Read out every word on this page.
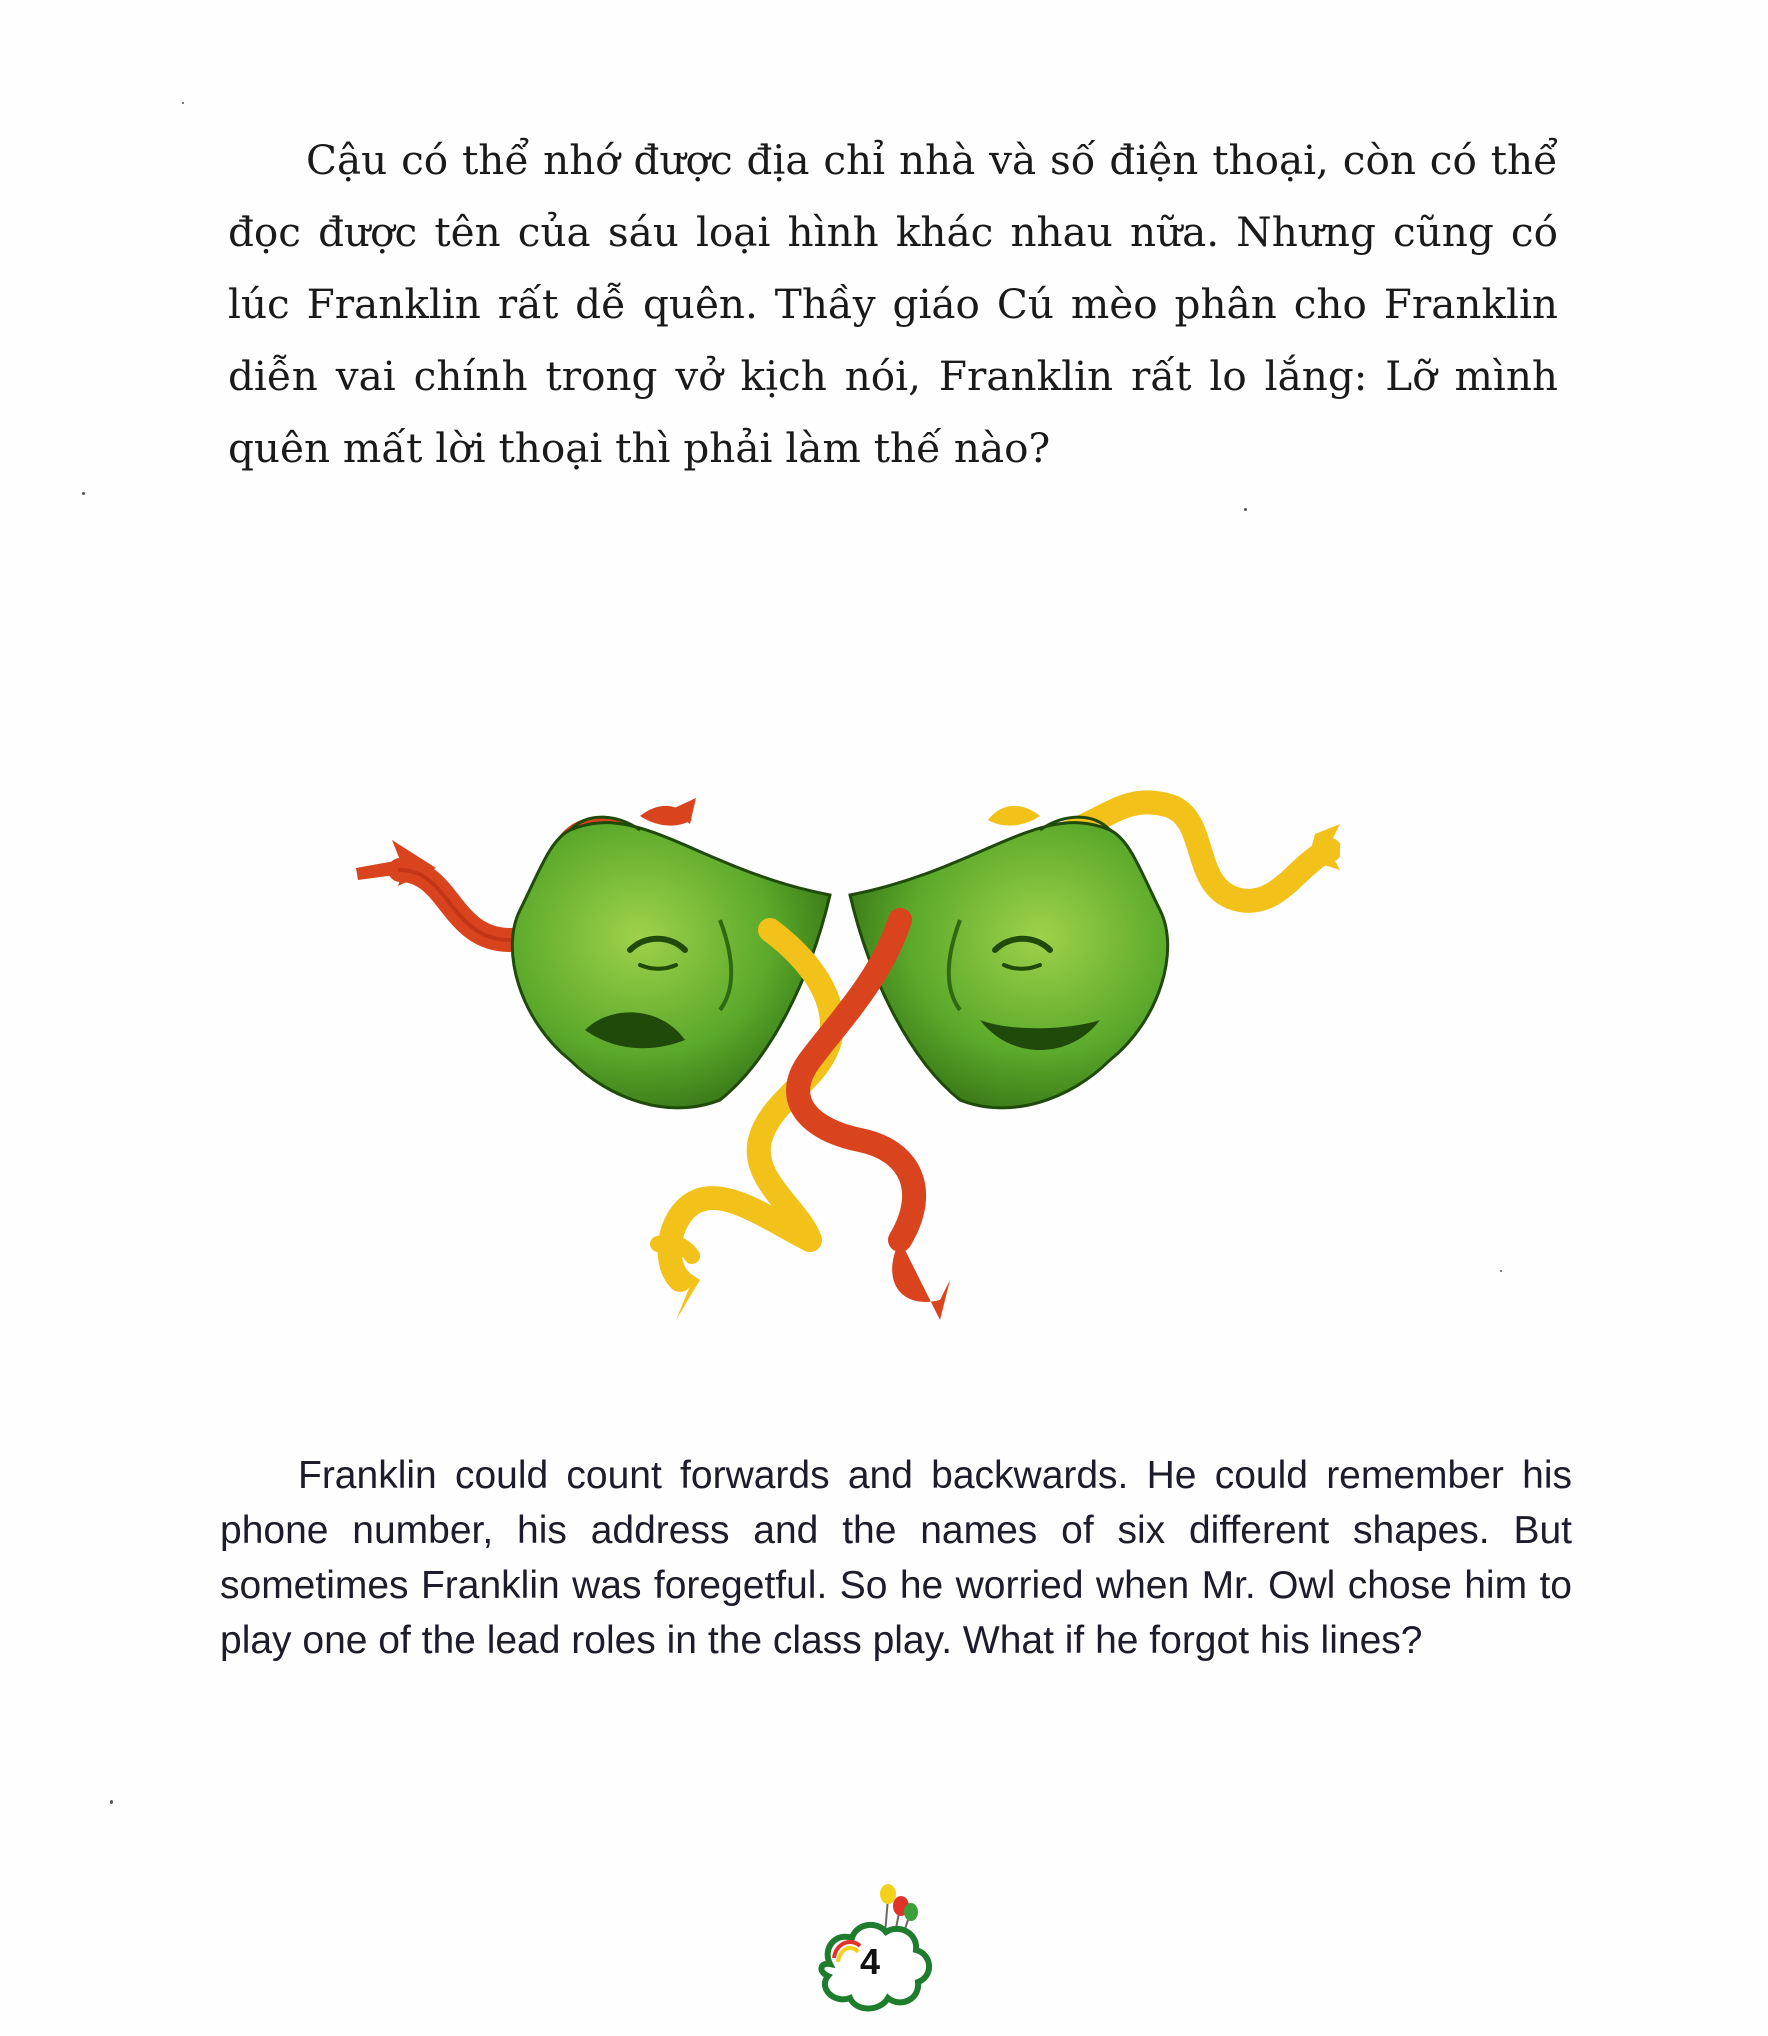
Cậu có thể nhớ được địa chỉ nhà và số điện thoại, còn có thể đọc được tên của sáu loại hình khác nhau nữa. Nhưng cũng có lúc Franklin rất dễ quên. Thầy giáo Cú mèo phân cho Franklin diễn vai chính trong vở kịch nói, Franklin rất lo lắng: Lỡ mình quên mất lời thoại thì phải làm thế nào?

Franklin could count forwards and backwards. He could remember his phone number, his address and the names of six different shapes. But sometimes Franklin was foregetful. So he worried when Mr. Owl chose him to play one of the lead roles in the class play. What if he forgot his lines?

4
